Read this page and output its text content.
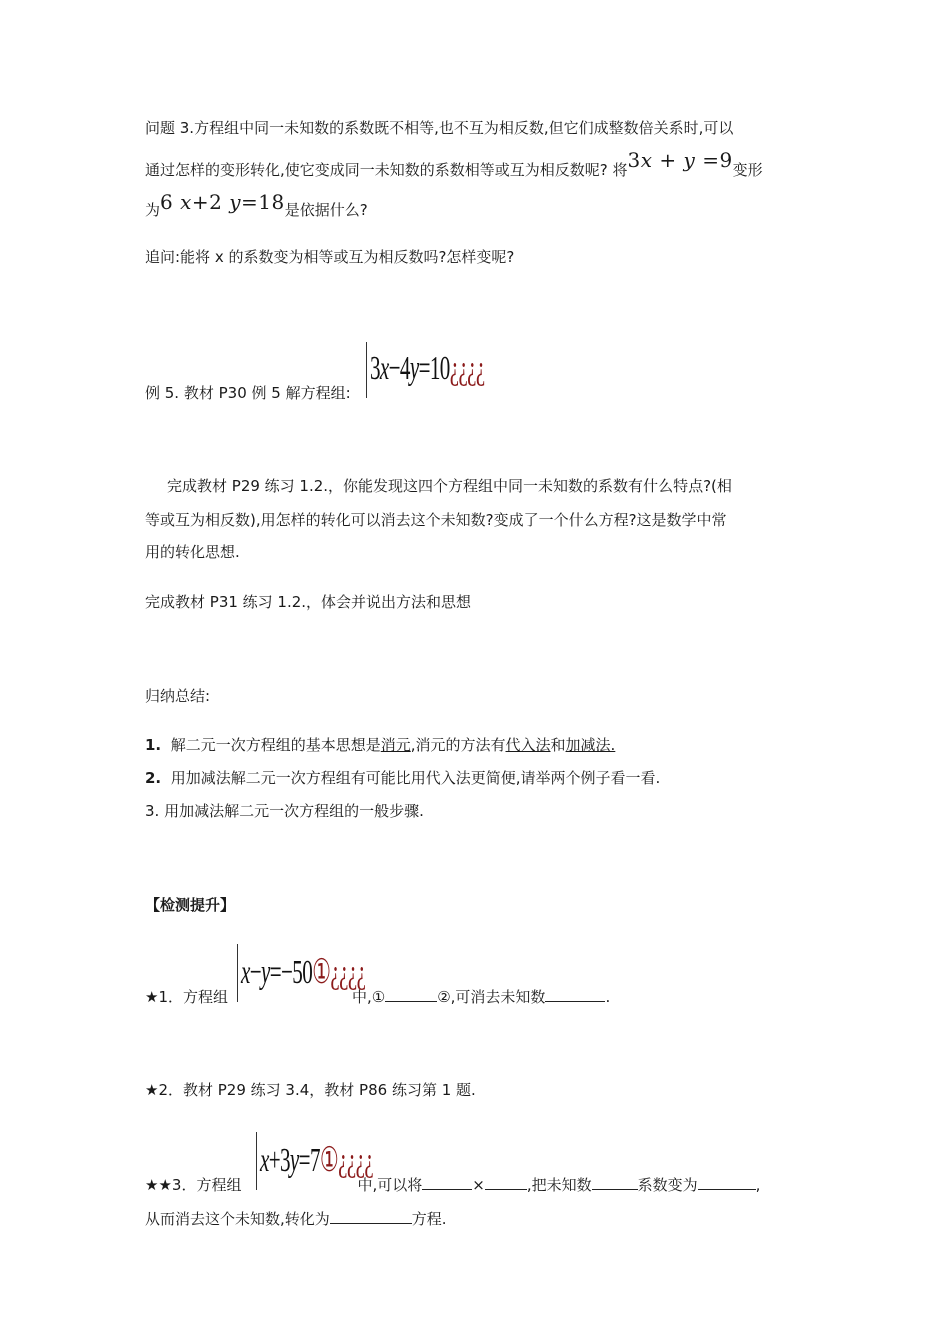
问题 3.方程组中同一未知数的系数既不相等,也不互为相反数,但它们成整数倍关系时,可以
通过怎样的变形转化,使它变成同一未知数的系数相等或互为相反数呢? 将3x + y =9变形
为6 x+2 y=18是依据什么?
追问:能将 x 的系数变为相等或互为相反数吗?怎样变呢?
例 5. 教材 P30 例 5 解方程组:
3x−4y=10¿¿¿¿
完成教材 P29 练习 1.2.，你能发现这四个方程组中同一未知数的系数有什么特点?(相
等或互为相反数),用怎样的转化可以消去这个未知数?变成了一个什么方程?这是数学中常
用的转化思想.
完成教材 P31 练习 1.2.，体会并说出方法和思想
归纳总结:
1. 解二元一次方程组的基本思想是消元,消元的方法有代入法和加减法.
2. 用加减法解二元一次方程组有可能比用代入法更简便,请举两个例子看一看.
3. 用加减法解二元一次方程组的一般步骤.
【检测提升】
★1．方程组	中,①	②,可消去未知数	.
x−y=−50①¿¿¿¿
★2．教材 P29 练习 3.4，教材 P86 练习第 1 题.
★★3．方程组	中,可以将	×	,把未知数	系数变为	,
x+3y=7①¿¿¿¿
从而消去这个未知数,转化为	方程.
